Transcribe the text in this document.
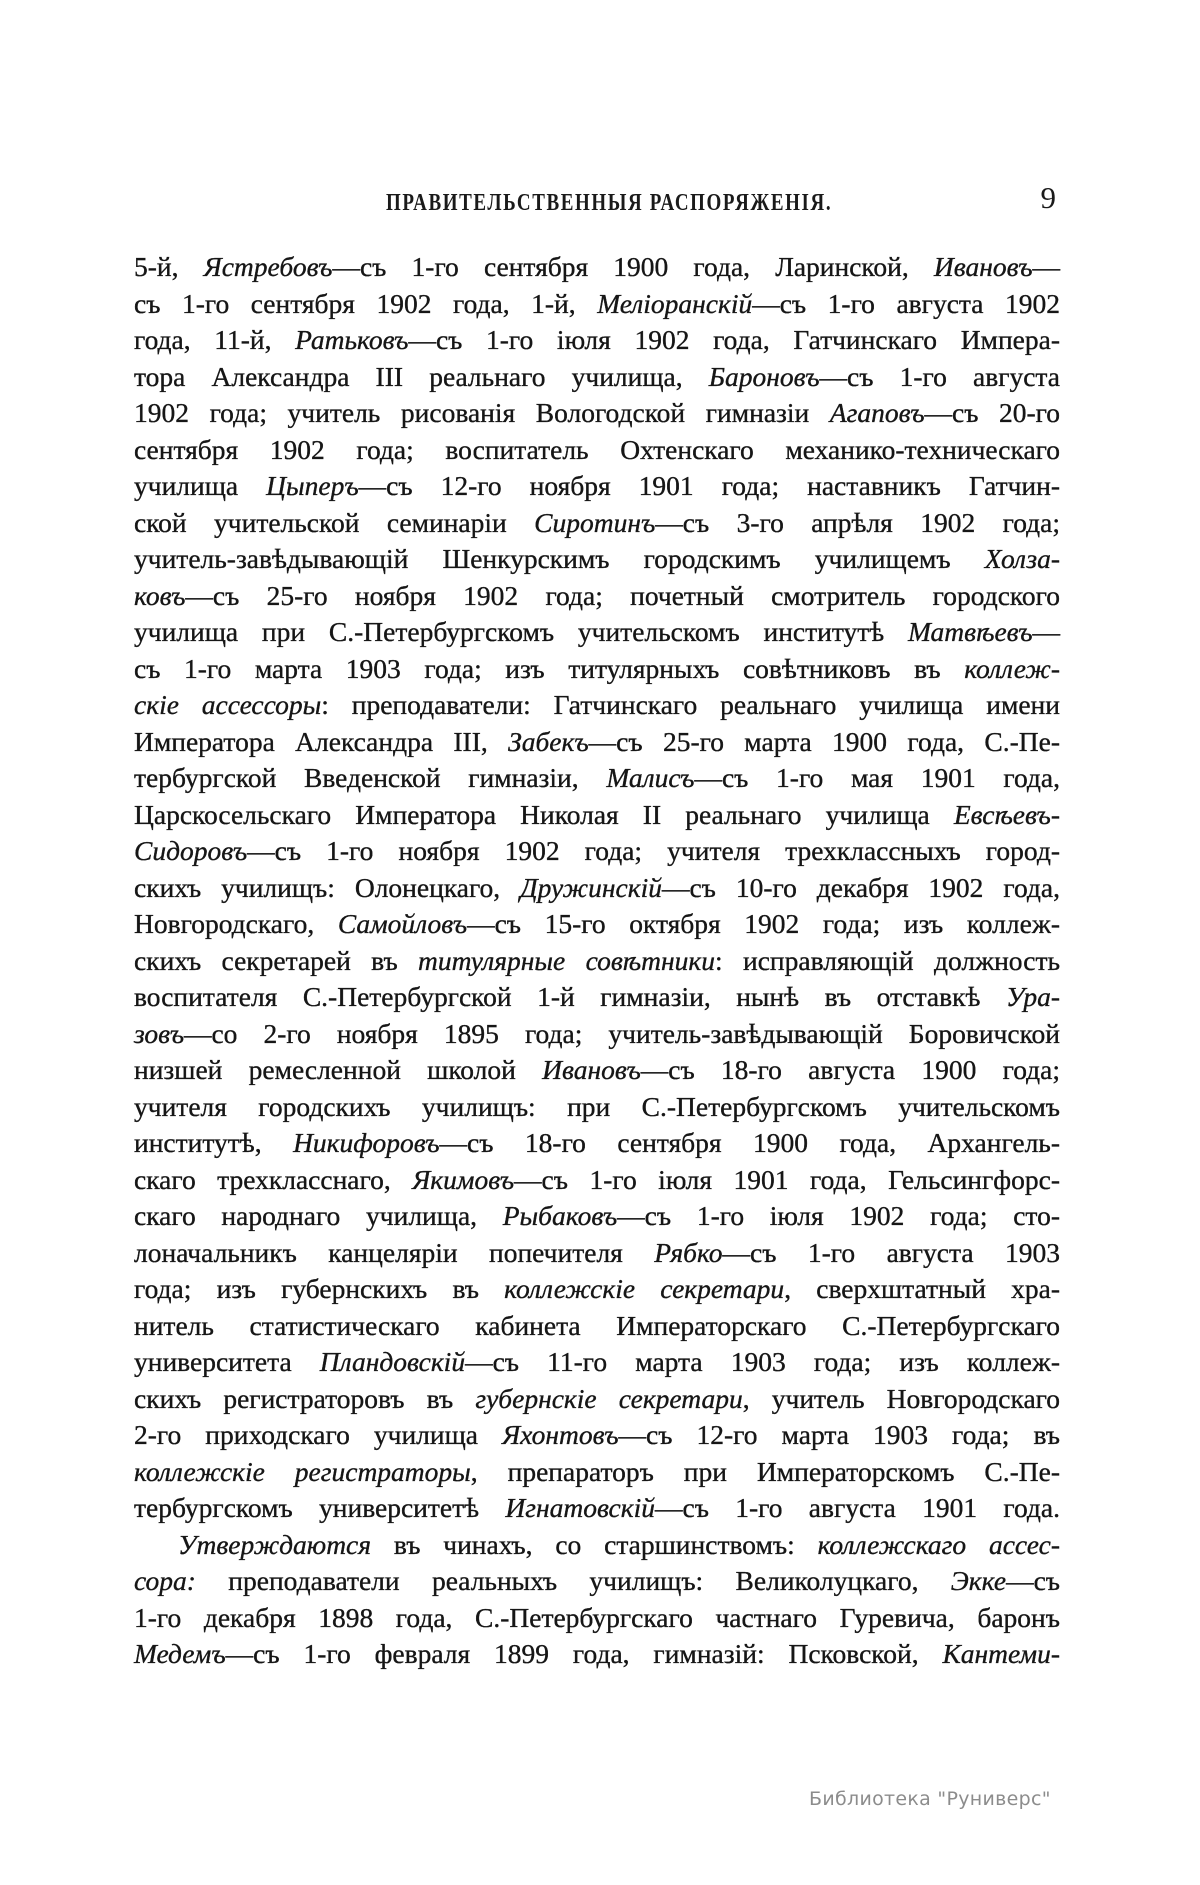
ПРАВИТЕЛЬСТВЕННЫЯ РАСПОРЯЖЕНІЯ.	9
5-й, Ястребовъ—съ 1-го сентября 1900 года, Ларинской, Ивановъ—
съ 1-го сентября 1902 года, 1-й, Меліоранскій—съ 1-го августа 1902
года, 11-й, Ратьковъ—съ 1-го іюля 1902 года, Гатчинскаго Импера-
тора Александра III реальнаго училища, Бароновъ—съ 1-го августа
1902 года; учитель рисованія Вологодской гимназіи Агаповъ—съ 20-го
сентября 1902 года; воспитатель Охтенскаго механико-техническаго
училища Цыперъ—съ 12-го ноября 1901 года; наставникъ Гатчин-
ской учительской семинаріи Сиротинъ—съ 3-го апрѣля 1902 года;
учитель-завѣдывающій Шенкурскимъ городскимъ училищемъ Холза-
ковъ—съ 25-го ноября 1902 года; почетный смотритель городского
училища при С.-Петербургскомъ учительскомъ институтѣ Матвѣевъ—
съ 1-го марта 1903 года; изъ титулярныхъ совѣтниковъ въ коллеж-
скіе ассессоры: преподаватели: Гатчинскаго реальнаго училища имени
Императора Александра III, Забекъ—съ 25-го марта 1900 года, С.-Пе-
тербургской Введенской гимназіи, Малисъ—съ 1-го мая 1901 года,
Царскосельскаго Императора Николая II реальнаго училища Евсѣевъ-
Сидоровъ—съ 1-го ноября 1902 года; учителя трехклассныхъ город-
скихъ училищъ: Олонецкаго, Дружинскій—съ 10-го декабря 1902 года,
Новгородскаго, Самойловъ—съ 15-го октября 1902 года; изъ коллеж-
скихъ секретарей въ титулярные совѣтники: исправляющій должность
воспитателя С.-Петербургской 1-й гимназіи, нынѣ въ отставкѣ Ура-
зовъ—со 2-го ноября 1895 года; учитель-завѣдывающій Боровичской
низшей ремесленной школой Ивановъ—съ 18-го августа 1900 года;
учителя городскихъ училищъ: при С.-Петербургскомъ учительскомъ
институтѣ, Никифоровъ—съ 18-го сентября 1900 года, Архангель-
скаго трехкласснаго, Якимовъ—съ 1-го іюля 1901 года, Гельсингфорс-
скаго народнаго училища, Рыбаковъ—съ 1-го іюля 1902 года; сто-
лоначальникъ канцеляріи попечителя Рябко—съ 1-го августа 1903
года; изъ губернскихъ въ коллежскіе секретари, сверхштатный хра-
нитель статистическаго кабинета Императорскаго С.-Петербургскаго
университета Пландовскій—съ 11-го марта 1903 года; изъ коллеж-
скихъ регистраторовъ въ губернскіе секретари, учитель Новгородскаго
2-го приходскаго училища Яхонтовъ—съ 12-го марта 1903 года; въ
коллежскіе регистраторы, препараторъ при Императорскомъ С.-Пе-
тербургскомъ университетѣ Игнатовскій—съ 1-го августа 1901 года.
Утверждаются въ чинахъ, со старшинствомъ: коллежскаго ассес-
сора: преподаватели реальныхъ училищъ: Великолуцкаго, Экке—съ
1-го декабря 1898 года, С.-Петербургскаго частнаго Гуревича, баронъ
Медемъ—съ 1-го февраля 1899 года, гимназій: Псковской, Кантеми-
Библиотека "Руниверс"
